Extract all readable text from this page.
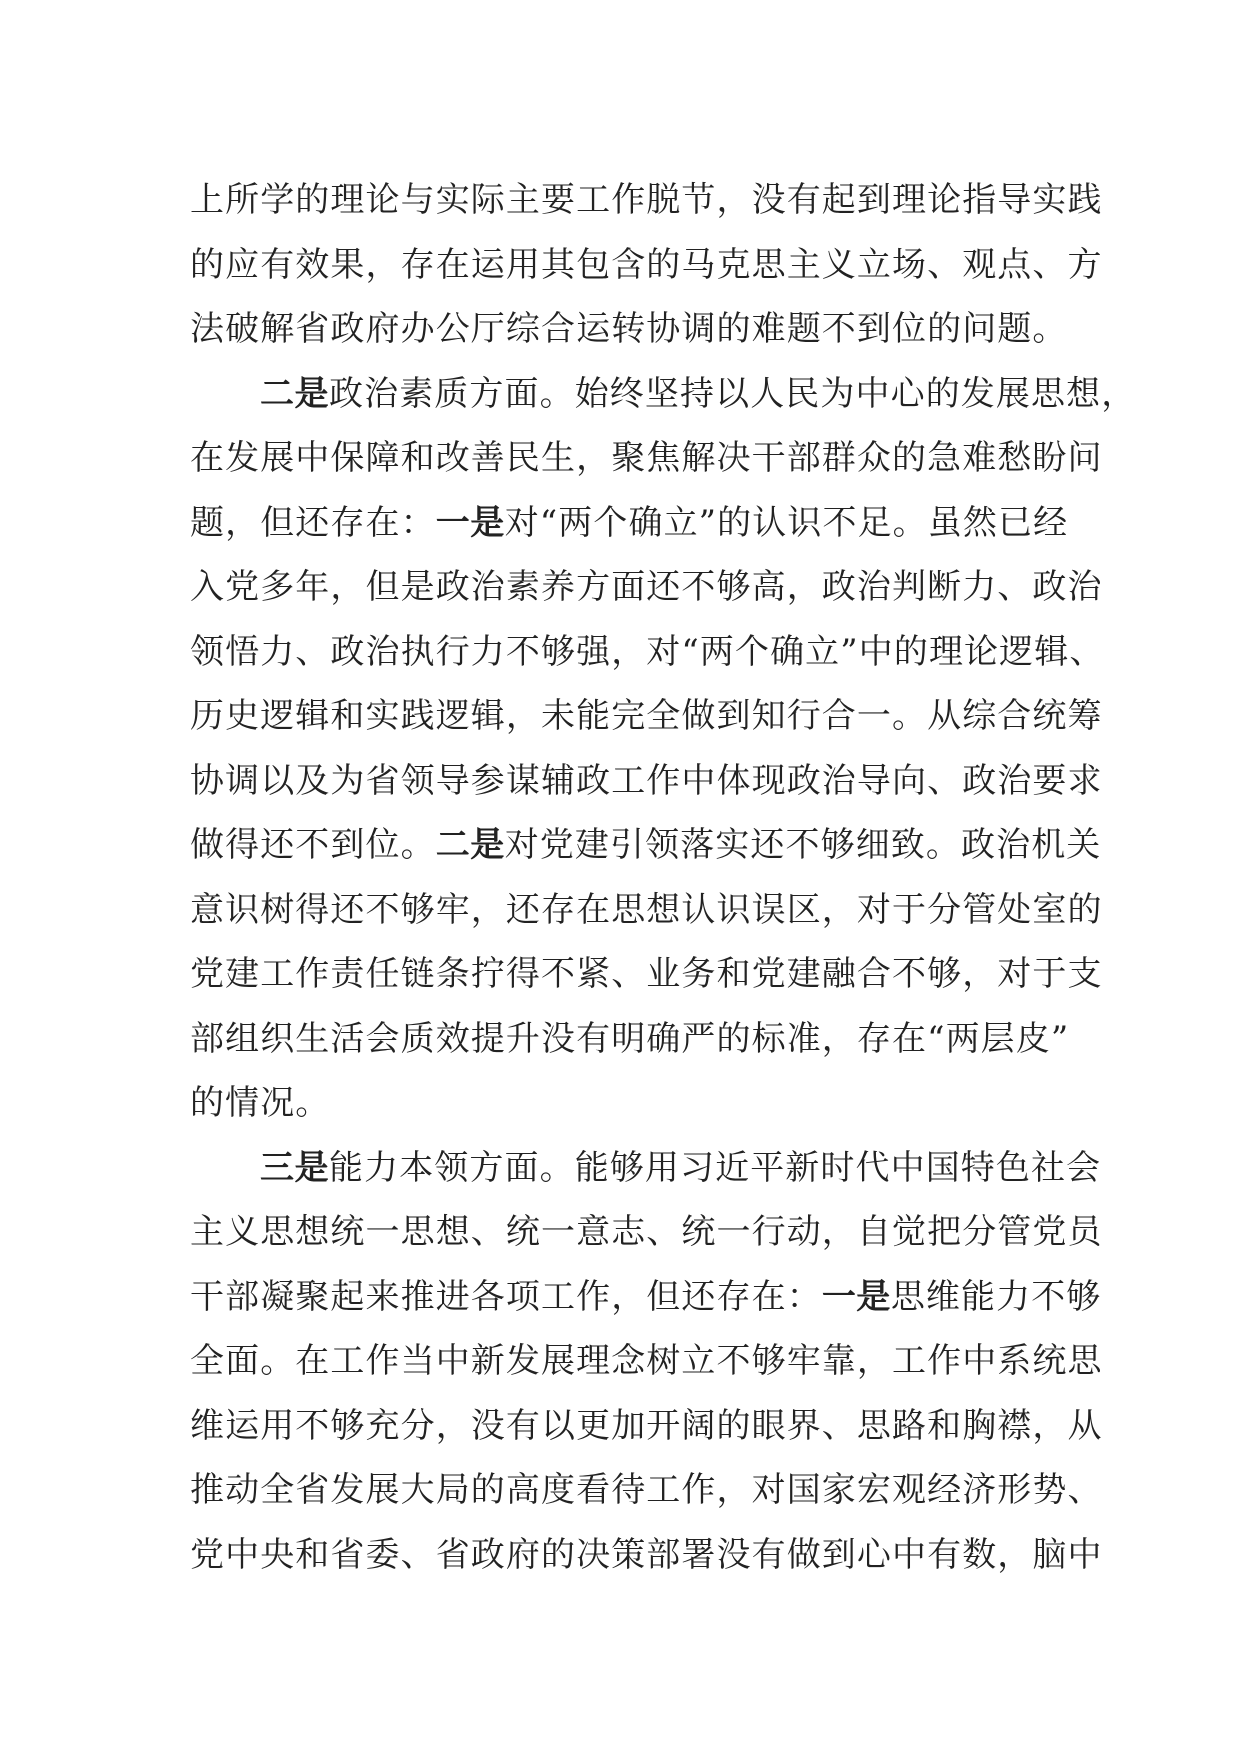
上所学的理论与实际主要工作脱节，没有起到理论指导实践
的应有效果，存在运用其包含的马克思主义立场、观点、方
法破解省政府办公厅综合运转协调的难题不到位的问题。
二是政治素质方面。始终坚持以人民为中心的发展思想，
在发展中保障和改善民生，聚焦解决干部群众的急难愁盼问
题，但还存在：一是对“两个确立”的认识不足。虽然已经
入党多年，但是政治素养方面还不够高，政治判断力、政治
领悟力、政治执行力不够强，对“两个确立”中的理论逻辑、
历史逻辑和实践逻辑，未能完全做到知行合一。从综合统筹
协调以及为省领导参谋辅政工作中体现政治导向、政治要求
做得还不到位。二是对党建引领落实还不够细致。政治机关
意识树得还不够牢，还存在思想认识误区，对于分管处室的
党建工作责任链条拧得不紧、业务和党建融合不够，对于支
部组织生活会质效提升没有明确严的标准，存在“两层皮”
的情况。
三是能力本领方面。能够用习近平新时代中国特色社会
主义思想统一思想、统一意志、统一行动，自觉把分管党员
干部凝聚起来推进各项工作，但还存在：一是思维能力不够
全面。在工作当中新发展理念树立不够牢靠，工作中系统思
维运用不够充分，没有以更加开阔的眼界、思路和胸襟，从
推动全省发展大局的高度看待工作，对国家宏观经济形势、
党中央和省委、省政府的决策部署没有做到心中有数，脑中
